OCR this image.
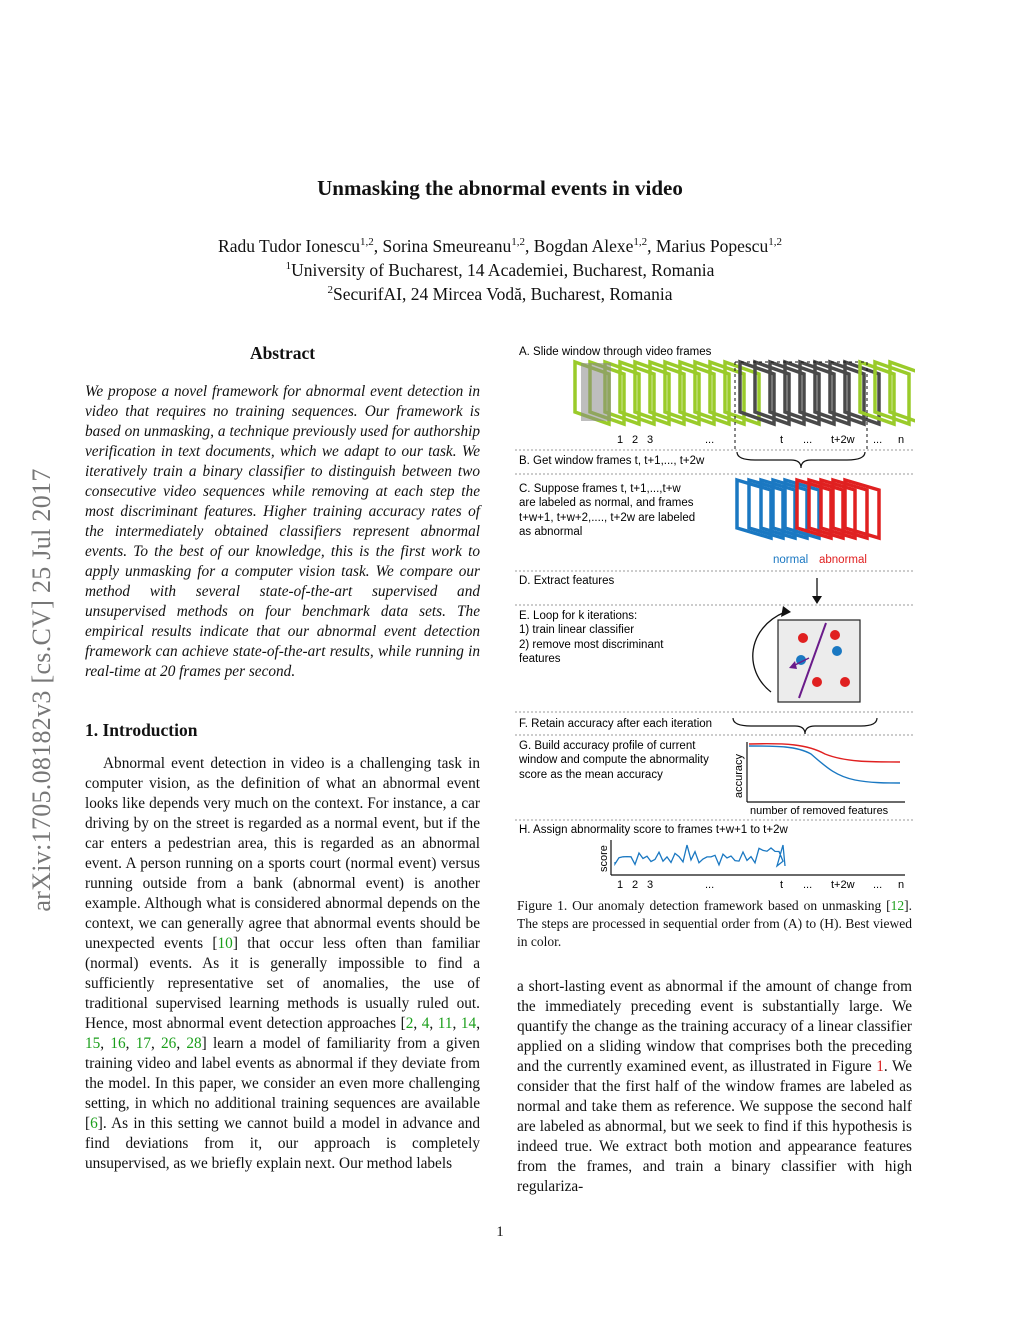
Unmasking the abnormal events in video
Radu Tudor Ionescu$^{1,2}$, Sorina Smeureanu$^{1,2}$, Bogdan Alexe$^{1,2}$, Marius Popescu$^{1,2}$
$^1$University of Bucharest, 14 Academiei, Bucharest, Romania
$^2$SecurifAI, 24 Mircea Vodă, Bucharest, Romania
arXiv:1705.08182v3 [cs.CV] 25 Jul 2017
Abstract
We propose a novel framework for abnormal event detection in video that requires no training sequences. Our framework is based on unmasking, a technique previously used for authorship verification in text documents, which we adapt to our task. We iteratively train a binary classifier to distinguish between two consecutive video sequences while removing at each step the most discriminant features. Higher training accuracy rates of the intermediately obtained classifiers represent abnormal events. To the best of our knowledge, this is the first work to apply unmasking for a computer vision task. We compare our method with several state-of-the-art supervised and unsupervised methods on four benchmark data sets. The empirical results indicate that our abnormal event detection framework can achieve state-of-the-art results, while running in real-time at 20 frames per second.
1. Introduction
Abnormal event detection in video is a challenging task in computer vision, as the definition of what an abnormal event looks like depends very much on the context. For instance, a car driving by on the street is regarded as a normal event, but if the car enters a pedestrian area, this is regarded as an abnormal event. A person running on a sports court (normal event) versus running outside from a bank (abnormal event) is another example. Although what is considered abnormal depends on the context, we can generally agree that abnormal events should be unexpected events [10] that occur less often than familiar (normal) events. As it is generally impossible to find a sufficiently representative set of anomalies, the use of traditional supervised learning methods is usually ruled out. Hence, most abnormal event detection approaches [2, 4, 11, 14, 15, 16, 17, 26, 28] learn a model of familiarity from a given training video and label events as abnormal if they deviate from the model. In this paper, we consider an even more challenging setting, in which no additional training sequences are available [6]. As in this setting we cannot build a model in advance and find deviations from it, our approach is completely unsupervised, as we briefly explain next. Our method labels
A. Slide window through video frames
1 2 3	...	t ... t+2w ... n
B. Get window frames t, t+1,..., t+2w
C. Suppose frames t, t+1,...,t+w
are labeled as normal, and frames
t+w+1, t+w+2,...., t+2w are labeled
as abnormal
normal abnormal
D. Extract features
E. Loop for k iterations:
1) train linear classifier
2) remove most discriminant
features
F. Retain accuracy after each iteration
G. Build accuracy profile of current
window and compute the abnormality
score as the mean accuracy	accuracy
number of removed features
H. Assign abnormality score to frames t+w+1 to t+2w
score
1 2 3	...	t ... t+2w ... n
Figure 1. Our anomaly detection framework based on unmasking [12]. The steps are processed in sequential order from (A) to (H). Best viewed in color.
a short-lasting event as abnormal if the amount of change from the immediately preceding event is substantially large. We quantify the change as the training accuracy of a linear classifier applied on a sliding window that comprises both the preceding and the currently examined event, as illustrated in Figure 1. We consider that the first half of the window frames are labeled as normal and take them as reference. We suppose the second half are labeled as abnormal, but we seek to find if this hypothesis is indeed true. We extract both motion and appearance features from the frames, and train a binary classifier with high regulariza-
1
